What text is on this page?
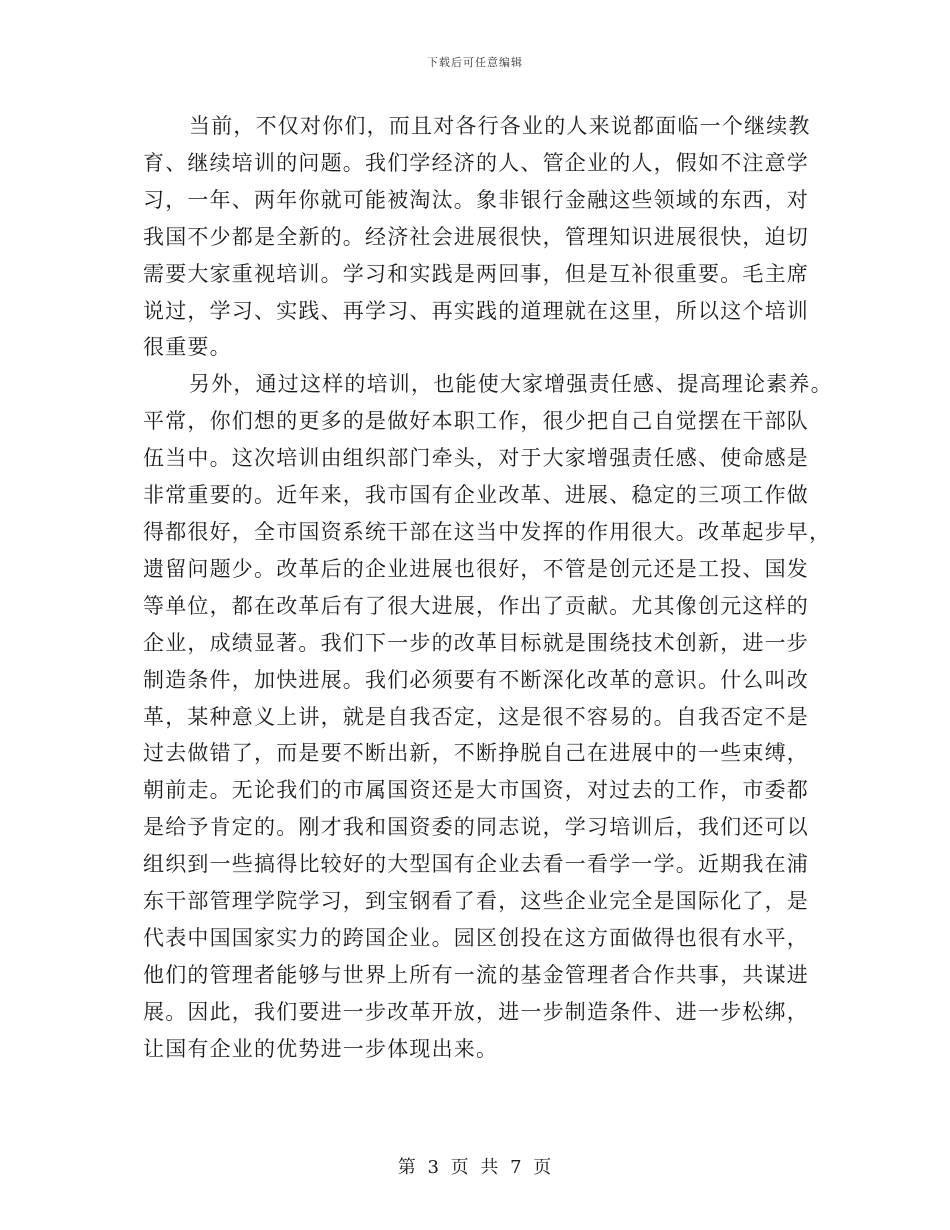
下载后可任意编辑
当前，不仅对你们，而且对各行各业的人来说都面临一个继续教
育、继续培训的问题。我们学经济的人、管企业的人，假如不注意学
习，一年、两年你就可能被淘汰。象非银行金融这些领域的东西，对
我国不少都是全新的。经济社会进展很快，管理知识进展很快，迫切
需要大家重视培训。学习和实践是两回事，但是互补很重要。毛主席
说过，学习、实践、再学习、再实践的道理就在这里，所以这个培训
很重要。
另外，通过这样的培训，也能使大家增强责任感、提高理论素养。
平常，你们想的更多的是做好本职工作，很少把自己自觉摆在干部队
伍当中。这次培训由组织部门牵头，对于大家增强责任感、使命感是
非常重要的。近年来，我市国有企业改革、进展、稳定的三项工作做
得都很好，全市国资系统干部在这当中发挥的作用很大。改革起步早，
遗留问题少。改革后的企业进展也很好，不管是创元还是工投、国发
等单位，都在改革后有了很大进展，作出了贡献。尤其像创元这样的
企业，成绩显著。我们下一步的改革目标就是围绕技术创新，进一步
制造条件，加快进展。我们必须要有不断深化改革的意识。什么叫改
革，某种意义上讲，就是自我否定，这是很不容易的。自我否定不是
过去做错了，而是要不断出新，不断挣脱自己在进展中的一些束缚，
朝前走。无论我们的市属国资还是大市国资，对过去的工作，市委都
是给予肯定的。刚才我和国资委的同志说，学习培训后，我们还可以
组织到一些搞得比较好的大型国有企业去看一看学一学。近期我在浦
东干部管理学院学习，到宝钢看了看，这些企业完全是国际化了，是
代表中国国家实力的跨国企业。园区创投在这方面做得也很有水平，
他们的管理者能够与世界上所有一流的基金管理者合作共事，共谋进
展。因此，我们要进一步改革开放，进一步制造条件、进一步松绑，
让国有企业的优势进一步体现出来。
第 3 页 共 7 页
